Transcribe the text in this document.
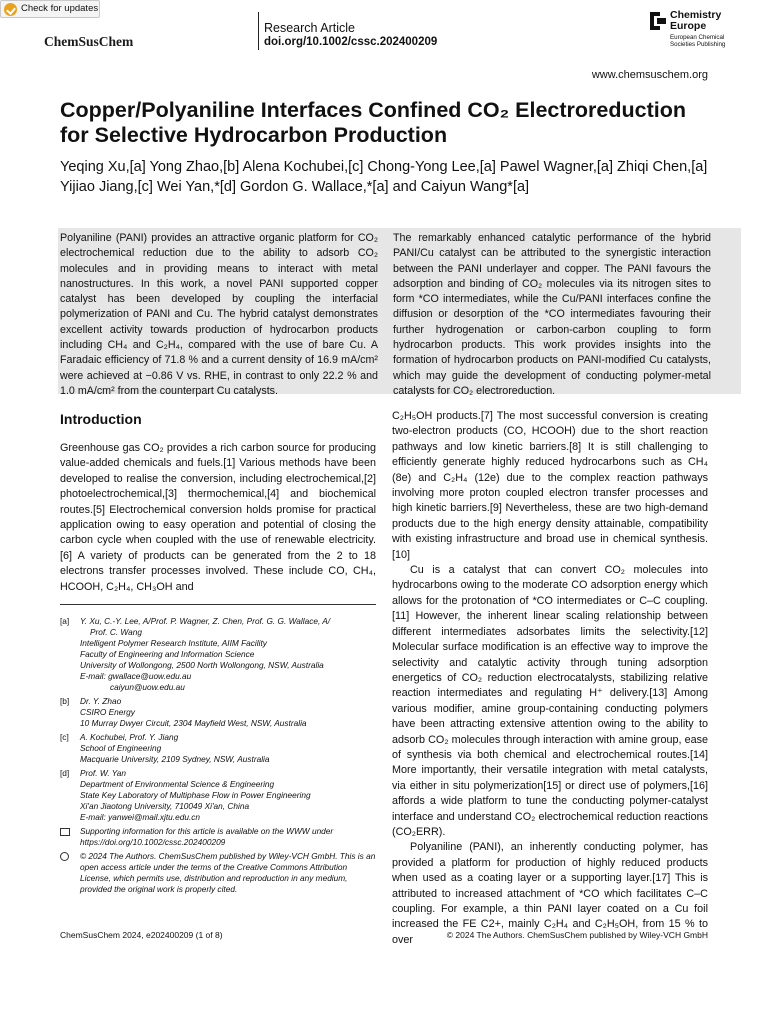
Check for updates
ChemSusChem
Research Article
doi.org/10.1002/cssc.202400209
Chemistry Europe
European Chemical Societies Publishing
www.chemsuschem.org
Copper/Polyaniline Interfaces Confined CO₂ Electroreduction for Selective Hydrocarbon Production
Yeqing Xu,[a] Yong Zhao,[b] Alena Kochubei,[c] Chong-Yong Lee,[a] Pawel Wagner,[a] Zhiqi Chen,[a] Yijiao Jiang,[c] Wei Yan,*[d] Gordon G. Wallace,*[a] and Caiyun Wang*[a]
Polyaniline (PANI) provides an attractive organic platform for CO₂ electrochemical reduction due to the ability to adsorb CO₂ molecules and in providing means to interact with metal nanostructures. In this work, a novel PANI supported copper catalyst has been developed by coupling the interfacial polymerization of PANI and Cu. The hybrid catalyst demonstrates excellent activity towards production of hydrocarbon products including CH₄ and C₂H₄, compared with the use of bare Cu. A Faradaic efficiency of 71.8 % and a current density of 16.9 mA/cm² were achieved at −0.86 V vs. RHE, in contrast to only 22.2 % and 1.0 mA/cm² from the counterpart Cu catalysts.
The remarkably enhanced catalytic performance of the hybrid PANI/Cu catalyst can be attributed to the synergistic interaction between the PANI underlayer and copper. The PANI favours the adsorption and binding of CO₂ molecules via its nitrogen sites to form *CO intermediates, while the Cu/PANI interfaces confine the diffusion or desorption of the *CO intermediates favouring their further hydrogenation or carbon-carbon coupling to form hydrocarbon products. This work provides insights into the formation of hydrocarbon products on PANI-modified Cu catalysts, which may guide the development of conducting polymer-metal catalysts for CO₂ electroreduction.
Introduction

Greenhouse gas CO₂ provides a rich carbon source for producing value-added chemicals and fuels.[1] Various methods have been developed to realise the conversion, including electrochemical,[2] photoelectrochemical,[3] thermochemical,[4] and biochemical routes.[5] Electrochemical conversion holds promise for practical application owing to easy operation and potential of closing the carbon cycle when coupled with the use of renewable electricity.[6] A variety of products can be generated from the 2 to 18 electrons transfer processes involved. These include CO, CH₄, HCOOH, C₂H₄, CH₃OH and

C₂H₅OH products.[7] The most successful conversion is creating two-electron products (CO, HCOOH) due to the short reaction pathways and low kinetic barriers.[8] It is still challenging to efficiently generate highly reduced hydrocarbons such as CH₄ (8e) and C₂H₄ (12e) due to the complex reaction pathways involving more proton coupled electron transfer processes and high kinetic barriers.[9] Nevertheless, these are two high-demand products due to the high energy density attainable, compatibility with existing infrastructure and broad use in chemical synthesis.[10]

Cu is a catalyst that can convert CO₂ molecules into hydrocarbons owing to the moderate CO adsorption energy which allows for the protonation of *CO intermediates or C–C coupling.[11] However, the inherent linear scaling relationship between different intermediates adsorbates limits the selectivity.[12] Molecular surface modification is an effective way to improve the selectivity and catalytic activity through tuning adsorption energetics of CO₂ reduction electrocatalysts, stabilizing relative reaction intermediates and regulating H⁺ delivery.[13] Among various modifier, amine group-containing conducting polymers have been attracting extensive attention owing to the ability to adsorb CO₂ molecules through interaction with amine group, ease of synthesis via both chemical and electrochemical routes.[14] More importantly, their versatile integration with metal catalysts, via either in situ polymerization[15] or direct use of polymers,[16] affords a wide platform to tune the conducting polymer-catalyst interface and understand CO₂ electrochemical reduction reactions (CO₂ERR).

Polyaniline (PANI), an inherently conducting polymer, has provided a platform for production of highly reduced products when used as a coating layer or a supporting layer.[17] This is attributed to increased attachment of *CO which facilitates C–C coupling. For example, a thin PANI layer coated on a Cu foil increased the FE C2+, mainly C₂H₄ and C₂H₅OH, from 15 % to over

[a]	Y. Xu, C.-Y. Lee, A/Prof. P. Wagner, Z. Chen, Prof. G. G. Wallace, A/
Prof. C. Wang
Intelligent Polymer Research Institute, AIIM Facility
Faculty of Engineering and Information Science
University of Wollongong, 2500 North Wollongong, NSW, Australia
E-mail: gwallace@uow.edu.au
caiyun@uow.edu.au
[b]	Dr. Y. Zhao
CSIRO Energy
10 Murray Dwyer Circuit, 2304 Mayfield West, NSW, Australia
[c]	A. Kochubei, Prof. Y. Jiang
School of Engineering
Macquarie University, 2109 Sydney, NSW, Australia
[d]	Prof. W. Yan
Department of Environmental Science & Engineering
State Key Laboratory of Multiphase Flow in Power Engineering
Xi'an Jiaotong University, 710049 Xi'an, China
E-mail: yanwei@mail.xjtu.edu.cn
Supporting information for this article is available on the WWW under https://doi.org/10.1002/cssc.202400209
© 2024 The Authors. ChemSusChem published by Wiley-VCH GmbH. This is an open access article under the terms of the Creative Commons Attribution License, which permits use, distribution and reproduction in any medium, provided the original work is properly cited.
ChemSusChem 2024, e202400209 (1 of 8)	© 2024 The Authors. ChemSusChem published by Wiley-VCH GmbH
